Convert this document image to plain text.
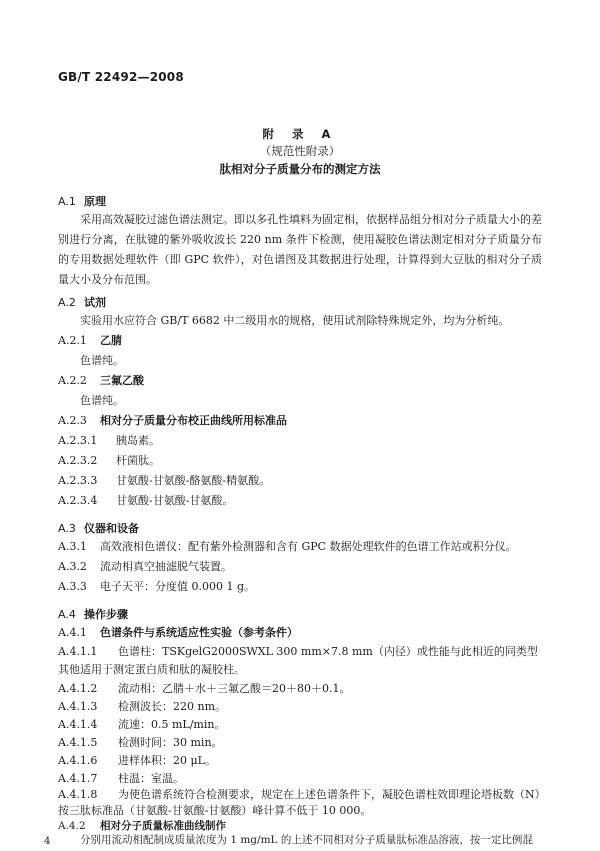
GB/T 22492—2008
附 录 A
（规范性附录）
肽相对分子质量分布的测定方法
A.1 原理
采用高效凝胶过滤色谱法测定。即以多孔性填料为固定相，依据样品组分相对分子质量大小的差别进行分离，在肽键的紫外吸收波长 220 nm 条件下检测，使用凝胶色谱法测定相对分子质量分布的专用数据处理软件（即 GPC 软件），对色谱图及其数据进行处理，计算得到大豆肽的相对分子质量大小及分布范围。
A.2 试剂
实验用水应符合 GB/T 6682 中二级用水的规格，使用试剂除特殊规定外，均为分析纯。
A.2.1 乙腈
色谱纯。
A.2.2 三氟乙酸
色谱纯。
A.2.3 相对分子质量分布校正曲线所用标准品
A.2.3.1 胰岛素。
A.2.3.2 杆菌肽。
A.2.3.3 甘氨酸-甘氨酸-酪氨酸-精氨酸。
A.2.3.4 甘氨酸-甘氨酸-甘氨酸。
A.3 仪器和设备
A.3.1 高效液相色谱仪：配有紫外检测器和含有 GPC 数据处理软件的色谱工作站或积分仪。
A.3.2 流动相真空抽滤脱气装置。
A.3.3 电子天平：分度值 0.000 1 g。
A.4 操作步骤
A.4.1 色谱条件与系统适应性实验（参考条件）
A.4.1.1 色谱柱：TSKgelG2000SWXL 300 mm×7.8 mm（内径）或性能与此相近的同类型其他适用于测定蛋白质和肽的凝胶柱。
A.4.1.2 流动相：乙腈＋水＋三氟乙酸＝20＋80＋0.1。
A.4.1.3 检测波长：220 nm。
A.4.1.4 流速：0.5 mL/min。
A.4.1.5 检测时间：30 min。
A.4.1.6 进样体积：20 μL。
A.4.1.7 柱温：室温。
4
A.4.1.8 为使色谱系统符合检测要求，规定在上述色谱条件下，凝胶色谱柱效即理论塔板数（N）按三肽标准品（甘氨酸-甘氨酸-甘氨酸）峰计算不低于 10 000。
A.4.2 相对分子质量标准曲线制作
分别用流动相配制成质量浓度为 1 mg/mL 的上述不同相对分子质量肽标准品溶液，按一定比例混
